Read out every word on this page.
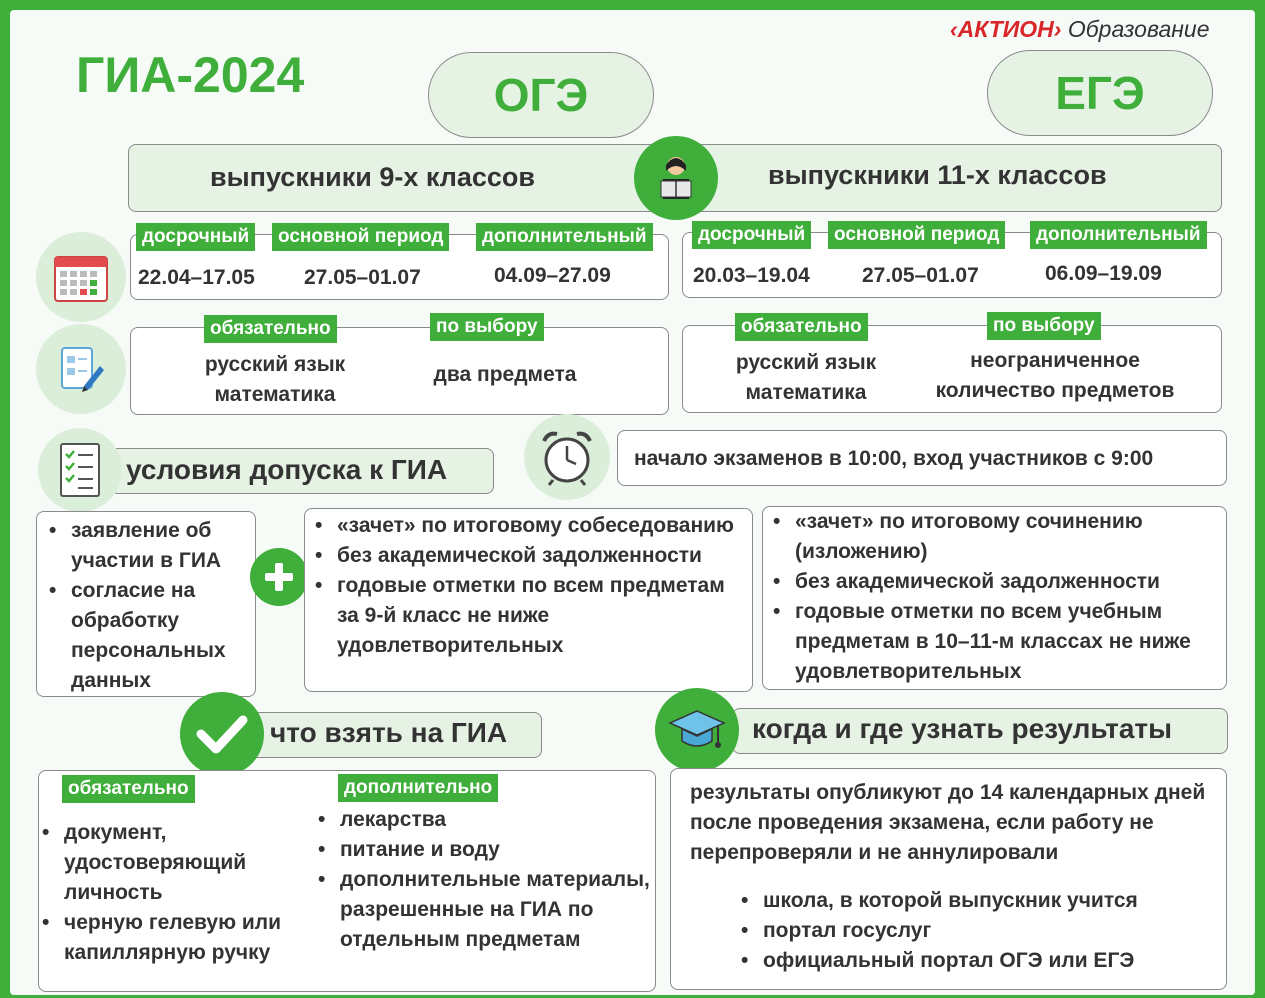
‹АКТИОН› Образование
ГИА-2024	ОГЭ	ЕГЭ
выпускники 9-х классов	выпускники 11-х классов
досрочный	основной период	дополнительный
22.04–17.05 27.05–01.07	04.09–27.09
досрочный	основной период	дополнительный
20.03–19.04 27.05–01.07	06.09–19.09
обязательно	по выбору
русский язык
математика
два предмета
обязательно	по выбору
русский язык
математика
неограниченное
количество предметов
условия допуска к ГИА	начало экзаменов в 10:00, вход участников с 9:00
• заявление об участии в ГИА
• согласие на обработку персональных данных
• «зачет» по итоговому собеседованию
• без академической задолженности
• годовые отметки по всем предметам за 9-й класс не ниже удовлетворительных
• «зачет» по итоговому сочинению (изложению)
• без академической задолженности
• годовые отметки по всем учебным предметам в 10–11-м классах не ниже удовлетворительных
что взять на ГИА	когда и где узнать результаты
обязательно	дополнительно
• документ, удостоверяющий личность
• черную гелевую или капиллярную ручку
• лекарства
• питание и воду
• дополнительные материалы, разрешенные на ГИА по отдельным предметам
результаты опубликуют до 14 календарных дней после проведения экзамена, если работу не перепроверяли и не аннулировали
• школа, в которой выпускник учится
• портал госуслуг
• официальный портал ОГЭ или ЕГЭ
